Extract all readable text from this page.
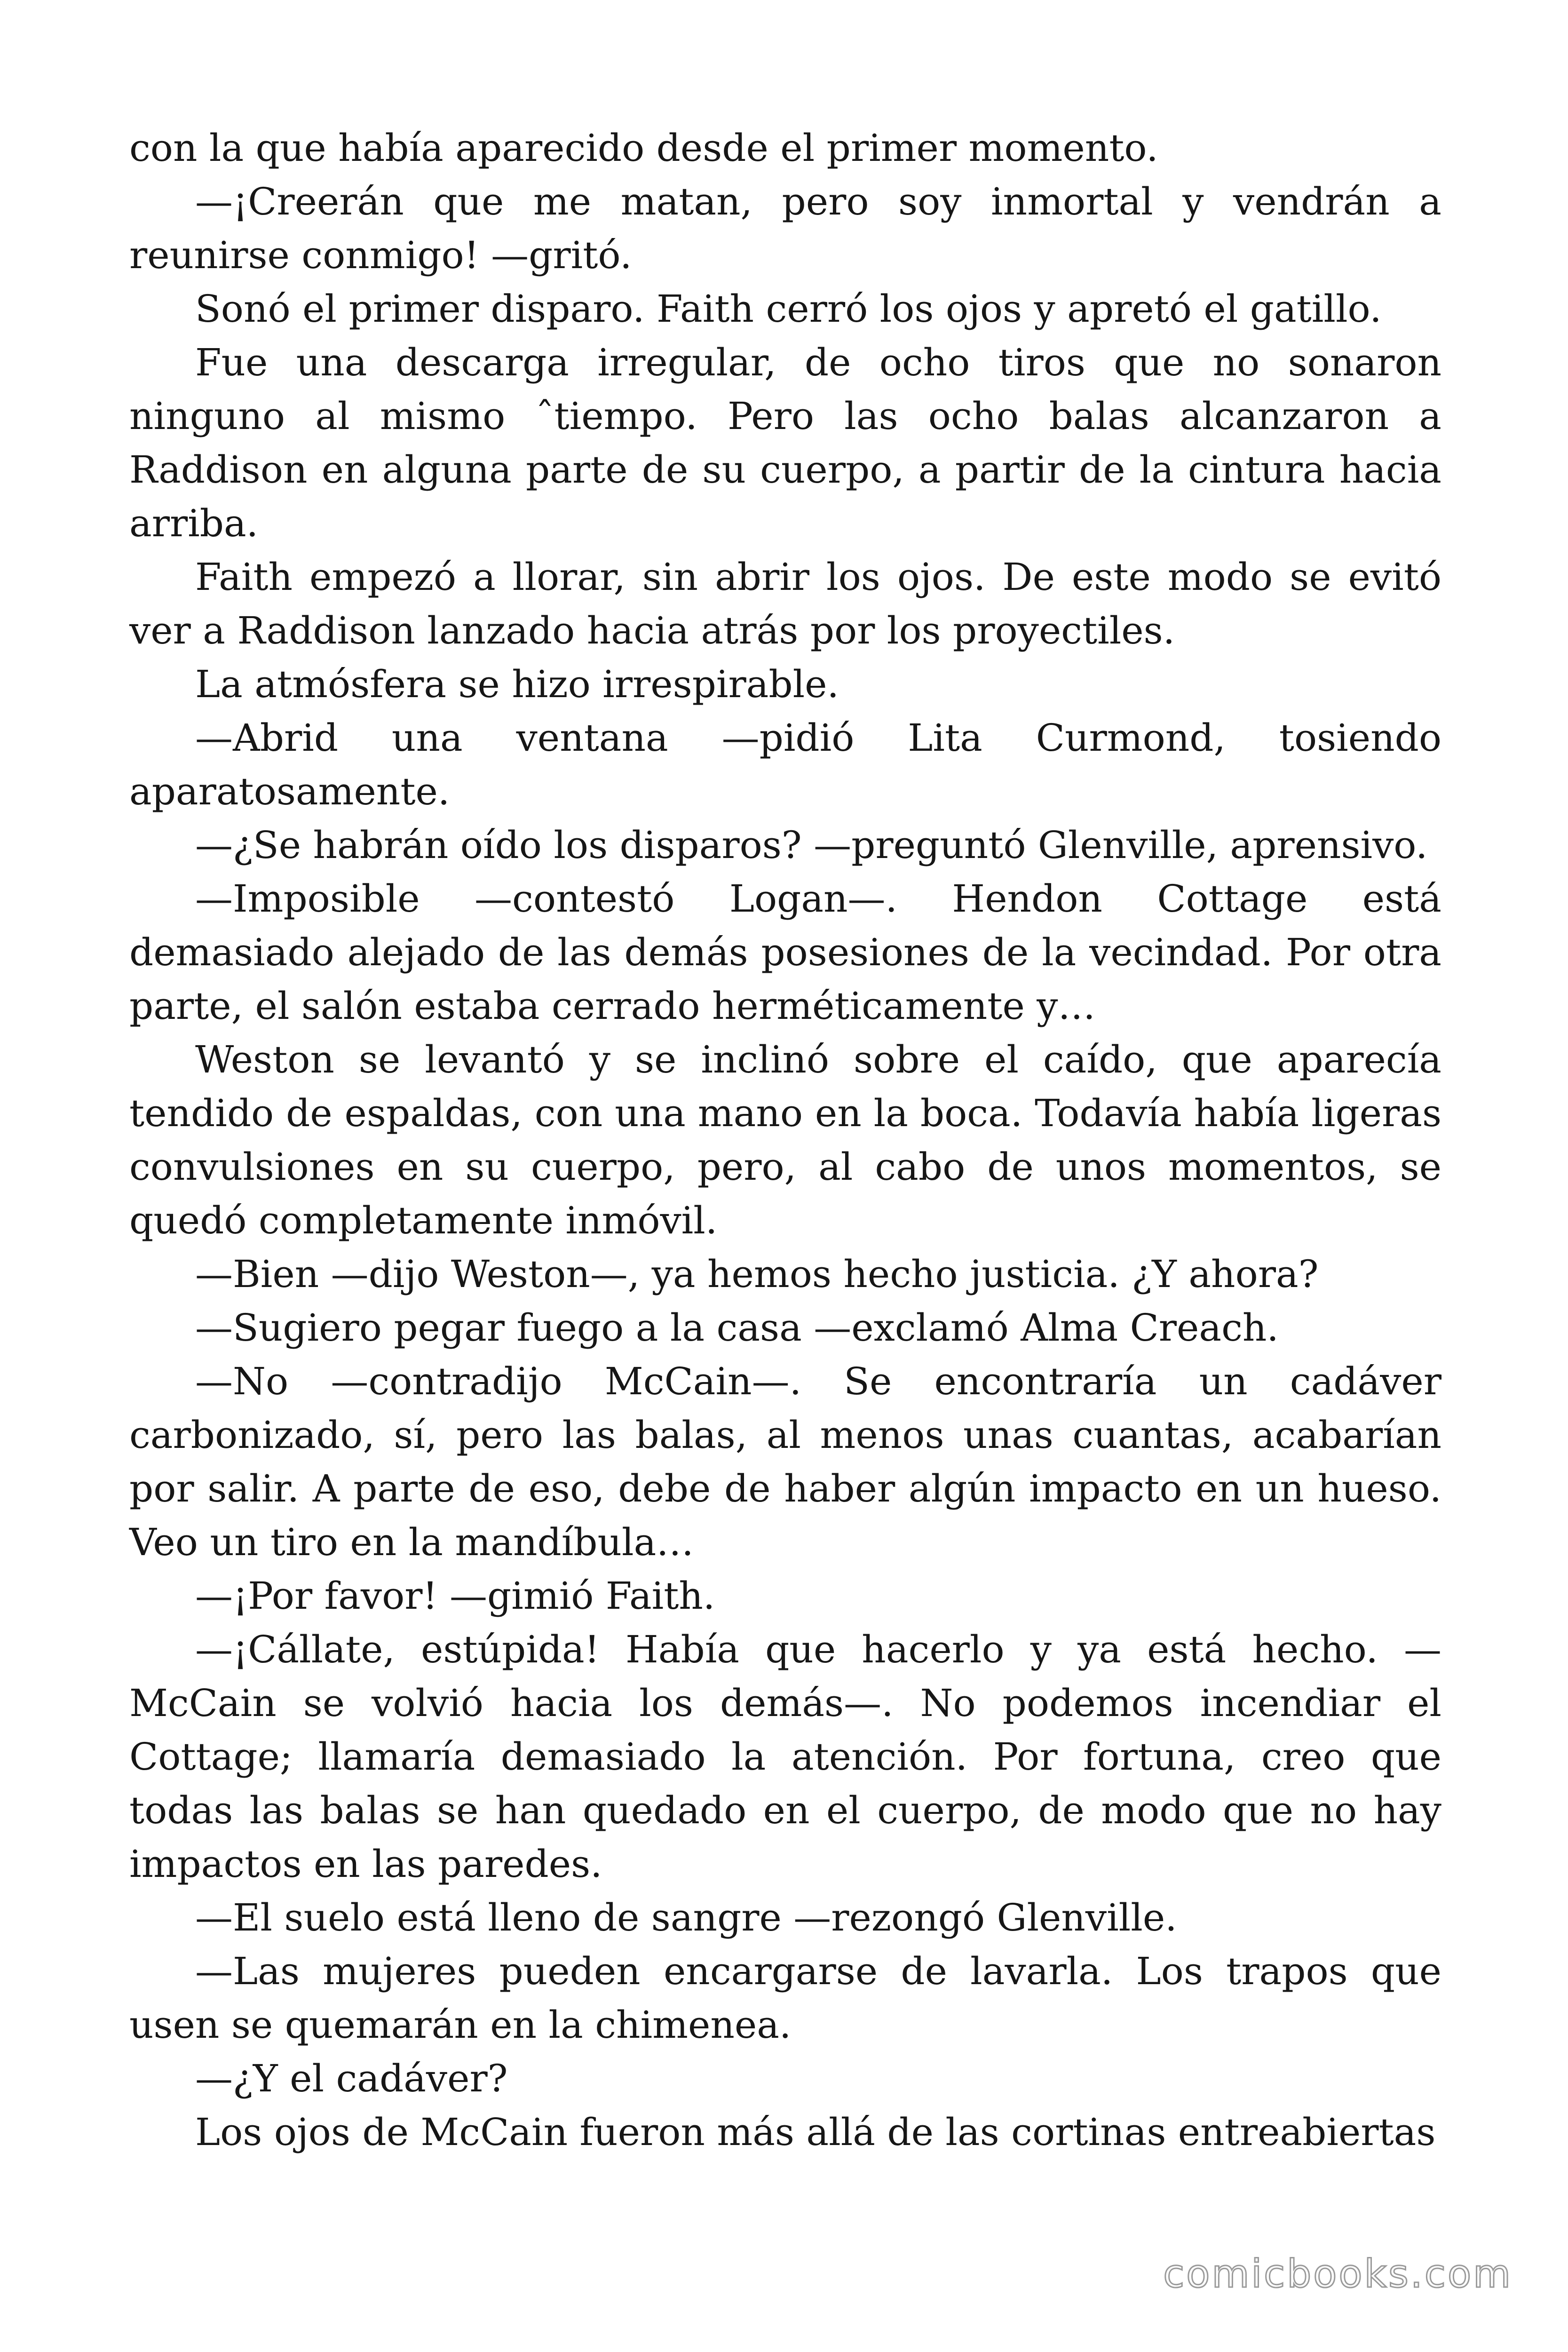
con la que había aparecido desde el primer momento.

—¡Creerán que me matan, pero soy inmortal y vendrán a reunirse conmigo! —gritó.

Sonó el primer disparo. Faith cerró los ojos y apretó el gatillo.

Fue una descarga irregular, de ocho tiros que no sonaron ninguno al mismo ˆtiempo. Pero las ocho balas alcanzaron a Raddison en alguna parte de su cuerpo, a partir de la cintura hacia arriba.

Faith empezó a llorar, sin abrir los ojos. De este modo se evitó ver a Raddison lanzado hacia atrás por los proyectiles.

La atmósfera se hizo irrespirable.

—Abrid una ventana —pidió Lita Curmond, tosiendo aparatosamente.

—¿Se habrán oído los disparos? —preguntó Glenville, aprensivo.

—Imposible —contestó Logan—. Hendon Cottage está demasiado alejado de las demás posesiones de la vecindad. Por otra parte, el salón estaba cerrado herméticamente y…

Weston se levantó y se inclinó sobre el caído, que aparecía tendido de espaldas, con una mano en la boca. Todavía había ligeras convulsiones en su cuerpo, pero, al cabo de unos momentos, se quedó completamente inmóvil.

—Bien —dijo Weston—, ya hemos hecho justicia. ¿Y ahora?

—Sugiero pegar fuego a la casa —exclamó Alma Creach.

—No —contradijo McCain—. Se encontraría un cadáver carbonizado, sí, pero las balas, al menos unas cuantas, acabarían por salir. A parte de eso, debe de haber algún impacto en un hueso. Veo un tiro en la mandíbula…

—¡Por favor! —gimió Faith.

—¡Cállate, estúpida! Había que hacerlo y ya está hecho. —McCain se volvió hacia los demás—. No podemos incendiar el Cottage; llamaría demasiado la atención. Por fortuna, creo que todas las balas se han quedado en el cuerpo, de modo que no hay impactos en las paredes.

—El suelo está lleno de sangre —rezongó Glenville.

—Las mujeres pueden encargarse de lavarla. Los trapos que usen se quemarán en la chimenea.

—¿Y el cadáver?

Los ojos de McCain fueron más allá de las cortinas entreabiertas

comicbooks.com
